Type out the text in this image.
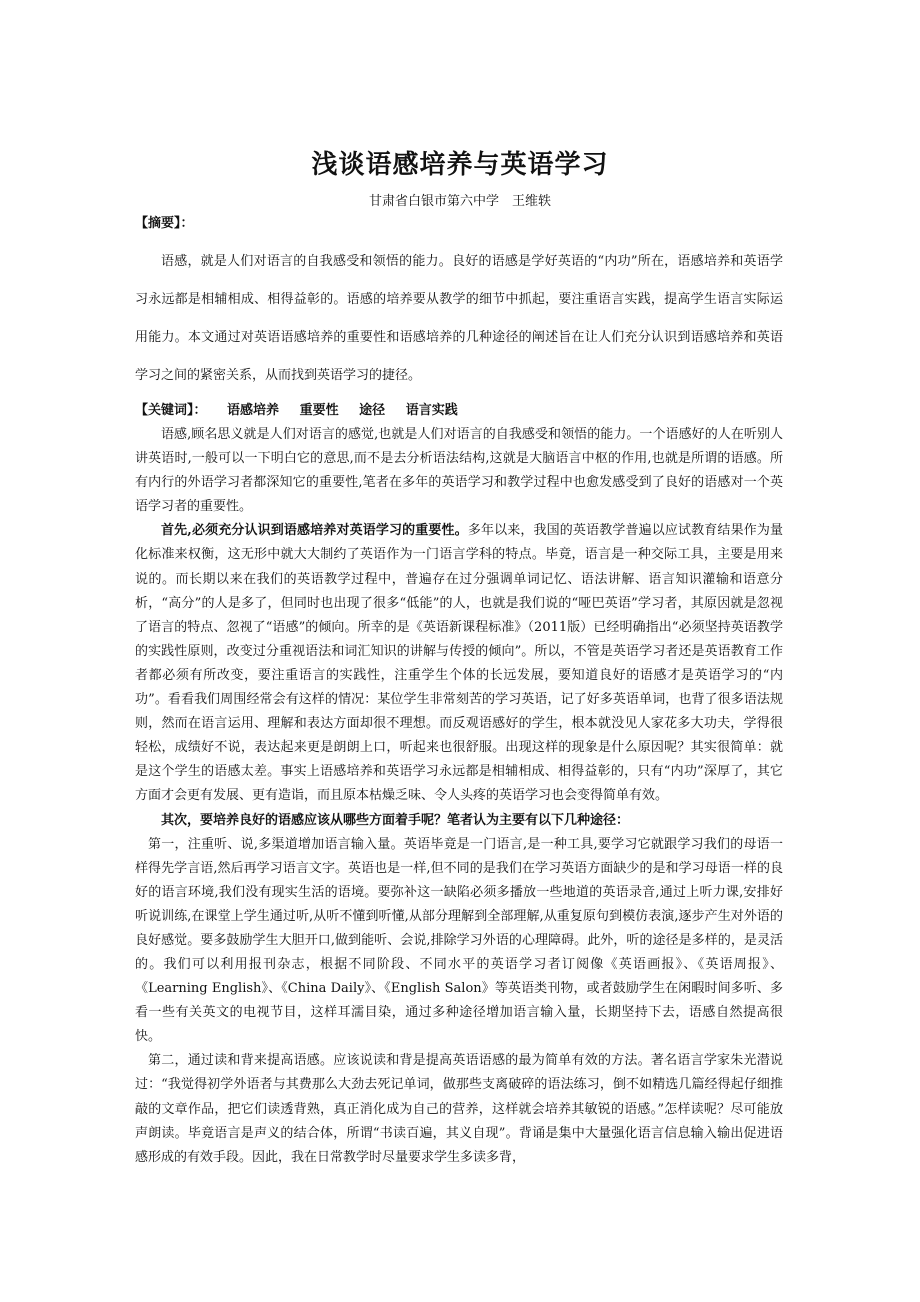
浅谈语感培养与英语学习

甘肃省白银市第六中学　王维轶

【摘要】：

语感，就是人们对语言的自我感受和领悟的能力。良好的语感是学好英语的“内功”所在，语感培养和英语学习永远都是相辅相成、相得益彰的。语感的培养要从教学的细节中抓起，要注重语言实践，提高学生语言实际运用能力。本文通过对英语语感培养的重要性和语感培养的几种途径的阐述旨在让人们充分认识到语感培养和英语学习之间的紧密关系，从而找到英语学习的捷径。

【关键词】： 语感培养 重要性 途径 语言实践

语感,顾名思义就是人们对语言的感觉,也就是人们对语言的自我感受和领悟的能力。一个语感好的人在听别人讲英语时,一般可以一下明白它的意思,而不是去分析语法结构,这就是大脑语言中枢的作用,也就是所谓的语感。所有内行的外语学习者都深知它的重要性,笔者在多年的英语学习和教学过程中也愈发感受到了良好的语感对一个英语学习者的重要性。

首先,必须充分认识到语感培养对英语学习的重要性。多年以来，我国的英语教学普遍以应试教育结果作为量化标准来权衡，这无形中就大大制约了英语作为一门语言学科的特点。毕竟，语言是一种交际工具，主要是用来说的。而长期以来在我们的英语教学过程中，普遍存在过分强调单词记忆、语法讲解、语言知识灌输和语意分析，“高分”的人是多了，但同时也出现了很多“低能”的人，也就是我们说的“哑巴英语”学习者，其原因就是忽视了语言的特点、忽视了“语感”的倾向。所幸的是《英语新课程标准》（2011版）已经明确指出“必须坚持英语教学的实践性原则，改变过分重视语法和词汇知识的讲解与传授的倾向”。所以，不管是英语学习者还是英语教育工作者都必须有所改变，要注重语言的实践性，注重学生个体的长远发展，要知道良好的语感才是英语学习的“内功”。看看我们周围经常会有这样的情况：某位学生非常刻苦的学习英语，记了好多英语单词，也背了很多语法规则，然而在语言运用、理解和表达方面却很不理想。而反观语感好的学生，根本就没见人家花多大功夫，学得很轻松，成绩好不说，表达起来更是朗朗上口，听起来也很舒服。出现这样的现象是什么原因呢？其实很简单：就是这个学生的语感太差。事实上语感培养和英语学习永远都是相辅相成、相得益彰的，只有“内功”深厚了，其它方面才会更有发展、更有造诣，而且原本枯燥乏味、令人头疼的英语学习也会变得简单有效。

其次，要培养良好的语感应该从哪些方面着手呢？笔者认为主要有以下几种途径：

第一，注重听、说,多渠道增加语言输入量。英语毕竟是一门语言,是一种工具,要学习它就跟学习我们的母语一样得先学言语,然后再学习语言文字。英语也是一样,但不同的是我们在学习英语方面缺少的是和学习母语一样的良好的语言环境,我们没有现实生活的语境。要弥补这一缺陷必须多播放一些地道的英语录音,通过上听力课,安排好听说训练,在课堂上学生通过听,从听不懂到听懂,从部分理解到全部理解,从重复原句到模仿表演,逐步产生对外语的良好感觉。要多鼓励学生大胆开口,做到能听、会说,排除学习外语的心理障碍。此外，听的途径是多样的，是灵活的。我们可以利用报刊杂志，根据不同阶段、不同水平的英语学习者订阅像《英语画报》、《英语周报》、《Learning English》、《China Daily》、《English Salon》等英语类刊物，或者鼓励学生在闲暇时间多听、多看一些有关英文的电视节目，这样耳濡目染，通过多种途径增加语言输入量，长期坚持下去，语感自然提高很快。

第二，通过读和背来提高语感。应该说读和背是提高英语语感的最为简单有效的方法。著名语言学家朱光潜说过：“我觉得初学外语者与其费那么大劲去死记单词，做那些支离破碎的语法练习，倒不如精选几篇经得起仔细推敲的文章作品，把它们读透背熟，真正消化成为自己的营养，这样就会培养其敏锐的语感。”怎样读呢？尽可能放声朗读。毕竟语言是声义的结合体，所谓“书读百遍，其义自现”。背诵是集中大量强化语言信息输入输出促进语感形成的有效手段。因此，我在日常教学时尽量要求学生多读多背，
